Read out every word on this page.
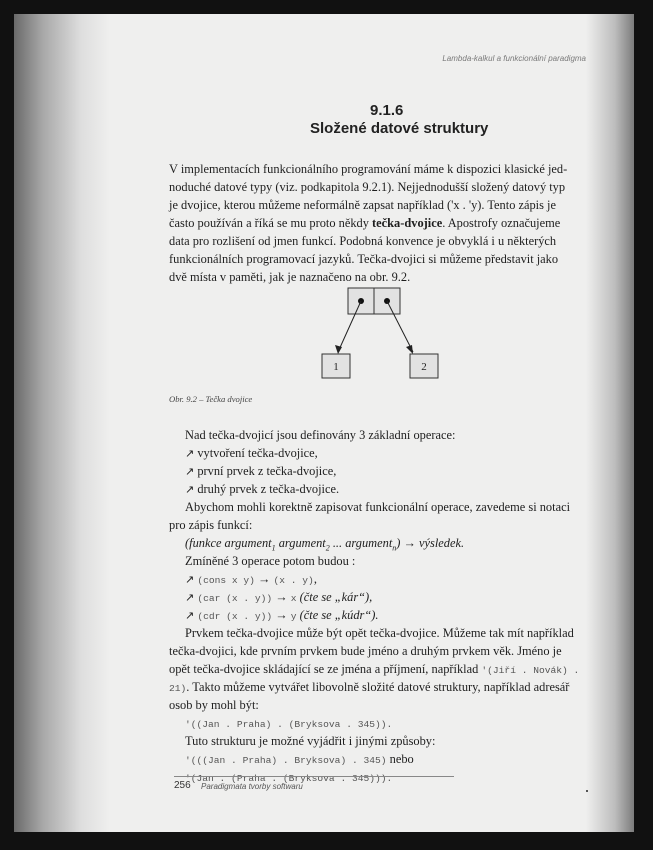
Lambda-kalkul a funkcionální paradigma
9.1.6
Složené datové struktury
V implementacích funkcionálního programování máme k dispozici klasické jed-
noduché datové typy (viz. podkapitola 9.2.1). Nejjednodušší složený datový typ
je dvojice, kterou můžeme neformálně zapsat například ('x . 'y). Tento zápis je
často používán a říká se mu proto někdy tečka-dvojice. Apostrofy označujeme
data pro rozlišení od jmen funkcí. Podobná konvence je obvyklá i u některých
funkcionálních programovací jazyků. Tečka-dvojici si můžeme představit jako
dvě místa v paměti, jak je naznačeno na obr. 9.2.
1	2
Obr. 9.2 – Tečka dvojice
Nad tečka-dvojicí jsou definovány 3 základní operace:
↗ vytvoření tečka-dvojice,
↗ první prvek z tečka-dvojice,
↗ druhý prvek z tečka-dvojice.
Abychom mohli korektně zapisovat funkcionální operace, zavedeme si notaci
pro zápis funkcí:
(funkce argument$_1$ argument$_2$ ... argument$_n$) → výsledek.
Zmíněné 3 operace potom budou :
↗ (cons x y) → (x . y),
↗ (car (x . y)) → x (čte se „kár“),
↗ (cdr (x . y)) → y (čte se „kúdr“).
Prvkem tečka-dvojice může být opět tečka-dvojice. Můžeme tak mít například
tečka-dvojici, kde prvním prvkem bude jméno a druhým prvkem věk. Jméno je
opět tečka-dvojice skládající se ze jména a příjmení, například '(Jiří . Novák) .
21). Takto můžeme vytvářet libovolně složité datové struktury, například adresář
osob by mohl být:
'((Jan . Praha) . (Bryksova . 345)).
Tuto strukturu je možné vyjádřit i jinými způsoby:
'(((Jan . Praha) . Bryksova) . 345) nebo
'(Jan . (Praha . (Bryksova . 345))).
256 Paradigmata tvorby softwaru
